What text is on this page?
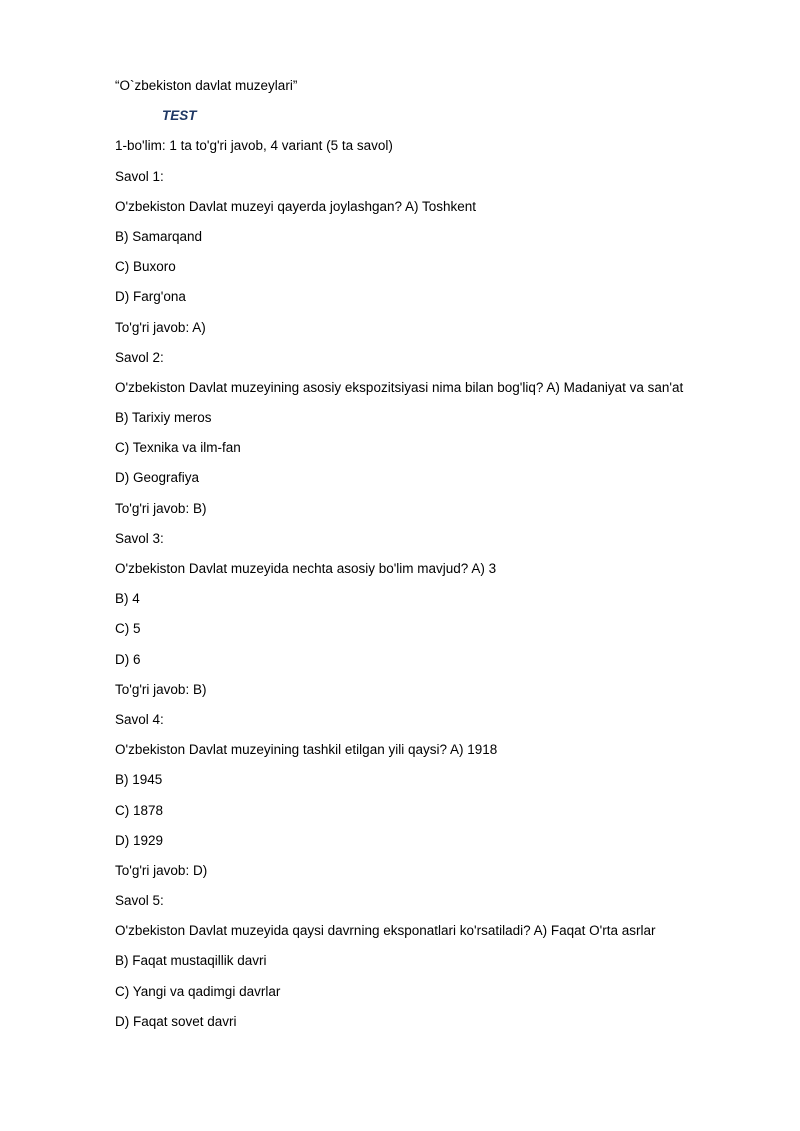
“O`zbekiston davlat muzeylari”
TEST
1-bo'lim: 1 ta to'g'ri javob, 4 variant (5 ta savol)
Savol 1:
O'zbekiston Davlat muzeyi qayerda joylashgan? A) Toshkent
B) Samarqand
C) Buxoro
D) Farg'ona
To'g'ri javob: A)
Savol 2:
O'zbekiston Davlat muzeyining asosiy ekspozitsiyasi nima bilan bog'liq? A) Madaniyat va san'at
B) Tarixiy meros
C) Texnika va ilm-fan
D) Geografiya
To'g'ri javob: B)
Savol 3:
O'zbekiston Davlat muzeyida nechta asosiy bo'lim mavjud? A) 3
B) 4
C) 5
D) 6
To'g'ri javob: B)
Savol 4:
O'zbekiston Davlat muzeyining tashkil etilgan yili qaysi? A) 1918
B) 1945
C) 1878
D) 1929
To'g'ri javob: D)
Savol 5:
O'zbekiston Davlat muzeyida qaysi davrning eksponatlari ko'rsatiladi? A) Faqat O'rta asrlar
B) Faqat mustaqillik davri
C) Yangi va qadimgi davrlar
D) Faqat sovet davri
